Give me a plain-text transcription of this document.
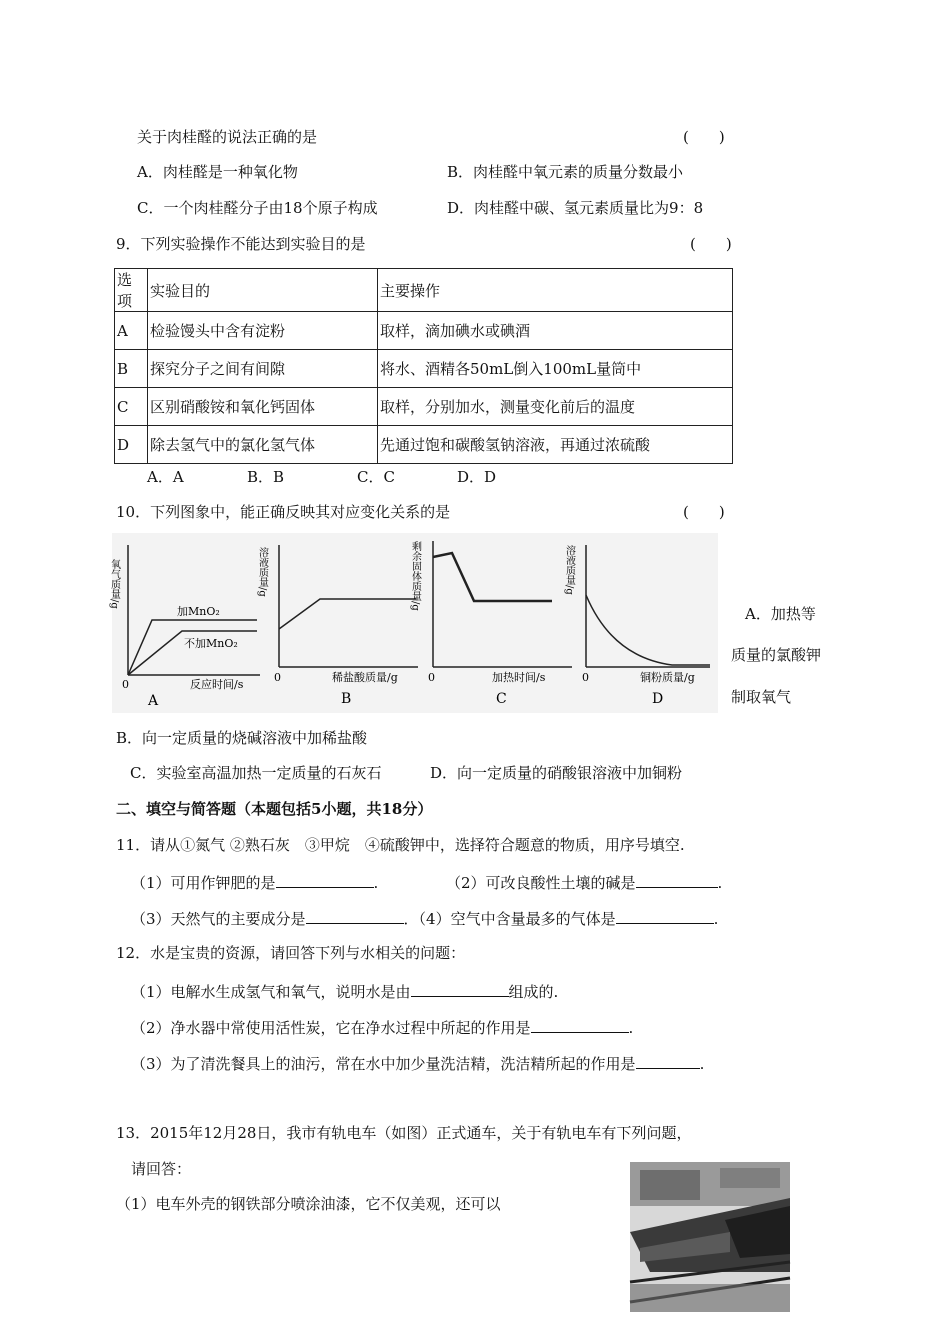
关于肉桂醛的说法正确的是	(　　)
A．肉桂醛是一种氧化物	B．肉桂醛中氧元素的质量分数最小
C．一个肉桂醛分子由18个原子构成	D．肉桂醛中碳、氢元素质量比为9：8
9．下列实验操作不能达到实验目的是	(　　)
选项	实验目的	主要操作
A	检验馒头中含有淀粉	取样，滴加碘水或碘酒
B	探究分子之间有间隙	将水、酒精各50mL倒入100mL量筒中
C	区别硝酸铵和氧化钙固体	取样，分别加水，测量变化前后的温度
D	除去氢气中的氯化氢气体	先通过饱和碳酸氢钠溶液，再通过浓硫酸
A．A	B．B	C．C	D．D
10．下列图象中，能正确反映其对应变化关系的是	(　　)
氧气质量/g
加MnO₂
不加MnO₂
0	反应时间/s
A
溶液质量/g
0	稀盐酸质量/g
B
剩余固体质量/g
0	加热时间/s
C
溶液质量/g
0	铜粉质量/g
D
A．加热等
质量的氯酸钾
制取氧气
B．向一定质量的烧碱溶液中加稀盐酸
C．实验室高温加热一定质量的石灰石	D．向一定质量的硝酸银溶液中加铜粉
二、填空与简答题（本题包括5小题，共18分）
11．请从①氮气 ②熟石灰　③甲烷　④硫酸钾中，选择符合题意的物质，用序号填空.
（1）可用作钾肥的是	.	（2）可改良酸性土壤的碱是	.
（3）天然气的主要成分是	．（4）空气中含量最多的气体是	.
12．水是宝贵的资源，请回答下列与水相关的问题：
（1）电解水生成氢气和氧气，说明水是由	组成的.
（2）净水器中常使用活性炭，它在净水过程中所起的作用是	.
（3）为了清洗餐具上的油污，常在水中加少量洗洁精，洗洁精所起的作用是	.
13．2015年12月28日，我市有轨电车（如图）正式通车，关于有轨电车有下列问题，
请回答：
（1）电车外壳的钢铁部分喷涂油漆，它不仅美观，还可以
